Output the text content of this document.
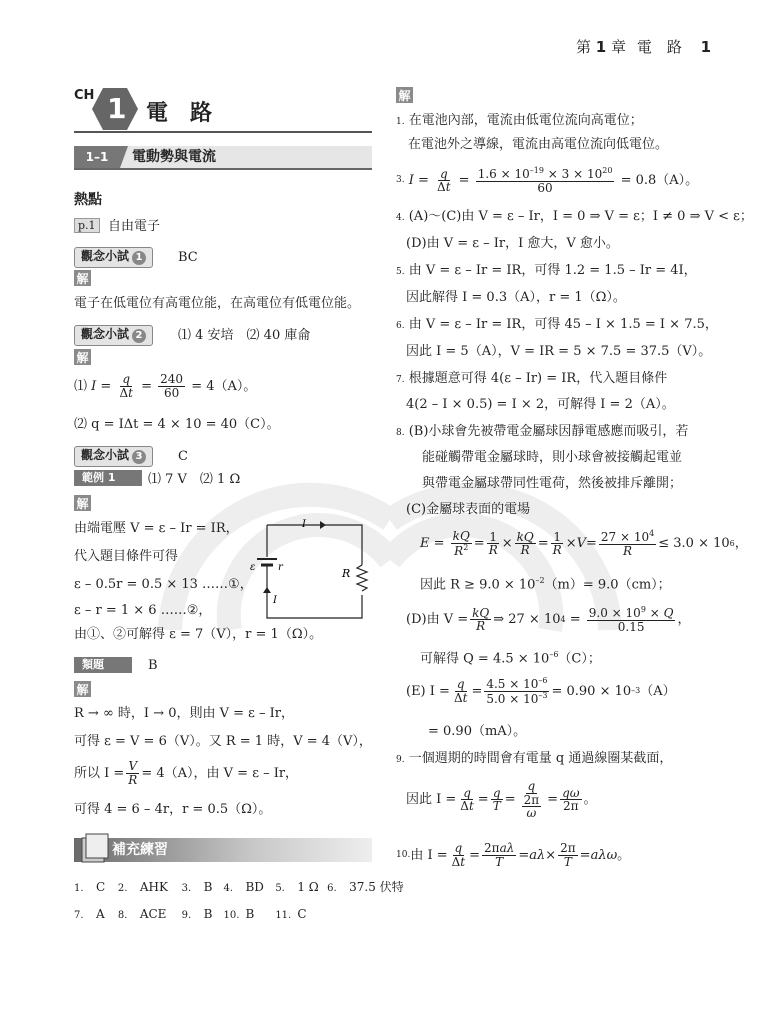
第 1 章 電　路 1
CH 1 電　路
1–1	電動勢與電流
熱點
p.1 自由電子
觀念小試 1	BC
解
電子在低電位有高電位能，在高電位有低電位能。
觀念小試 2	⑴ 4 安培　⑵ 40 庫侖
解
⑴
$I = \frac{q}{\Delta t} = \frac{240}{60}$
= 4（A）。
⑵ q = IΔt = 4 × 10 = 40（C）。
觀念小試 3	C
範例 1	⑴ 7 V　⑵ 1 Ω
解
由端電壓 V = ε – Ir = IR，
代入題目條件可得
ε – 0.5r = 0.5 × 13 ……①，
ε – r = 1 × 6 ……②，
由①、②可解得 ε = 7（V），r = 1（Ω）。
I
ε r	R
I
類題	B
解
R → ∞ 時，I → 0，則由 V = ε – Ir，
可得 ε = V = 6（V）。又 R = 1 時，V = 4（V），
所以 $I = \frac{V}{R} = 4(A)$，由 V = ε – Ir，
可得 4 = 6 – 4r，r = 0.5（Ω）。
補充練習
1. C 2. AHK 3. B 4. BD 5. 1 Ω 6. 37.5 伏特
7. A 8. ACE 9. B 10. B 11. C
解
1. 在電池內部，電流由低電位流向高電位；
在電池外之導線，電流由高電位流向低電位。
3.
$I = \frac{q}{\Delta t} = \frac{1.6 \times 10^{-19} \times 3 \times 10^{20}}{60}$
= 0.8（A）。
4. (A)～(C)由 V = ε – Ir，I = 0 ⇒ V = ε；I ≠ 0 ⇒ V < ε；
(D)由 V = ε – Ir，I 愈大，V 愈小。
5. 由 V = ε – Ir = IR，可得 1.2 = 1.5 – Ir = 4I，
因此解得 I = 0.3（A），r = 1（Ω）。
6. 由 V = ε – Ir = IR，可得 45 – I × 1.5 = I × 7.5，
因此 I = 5（A），V = IR = 5 × 7.5 = 37.5（V）。
7. 根據題意可得 4(ε – Ir) = IR，代入題目條件
4(2 – I × 0.5) = I × 2，可解得 I = 2（A）。
8. (B)小球會先被帶電金屬球因靜電感應而吸引，若
能碰觸帶電金屬球時，則小球會被接觸起電並
與帶電金屬球帶同性電荷，然後被排斥離開；
(C)金屬球表面的電場
$E = \frac{kQ}{R^2} = \frac{1}{R} \times \frac{kQ}{R} = \frac{1}{R} \times V = \frac{27 \times 10^4}{R} \le 3.0 \times 10$ 6 ，
因此 $R \ge 9.0 \times 10^{-2}(m)= 9.0(cm)$；
(D)由 $V = \frac{kQ}{R}$ ⇒ 27 × 10 $4 = \frac{9.0 \times 10^9 \times Q}{0.15}$ ，
可解得 $Q = 4.5 \times 10^{-6}(C)$；
(E) $I = \frac{q}{\Delta t} = \frac{4.5 \times 10^{-6}}{5.0 \times 10^{-3}} = 0.90 \times 10$ –3 （A）
= 0.90（mA）。
9. 一個週期的時間會有電量 q 通過線圈某截面，
因此 $I = \frac{q}{\Delta t} = \frac{q}{T} = \frac{q}{\frac{2\pi}{\omega}} = \frac{q\omega}{2\pi}$ 。
10. 由 $I = \frac{q}{\Delta t} = \frac{\text{2πaλ}}{T} = a\lambda \times \frac{2\pi}{T} = a\lambda\omega$ 。
